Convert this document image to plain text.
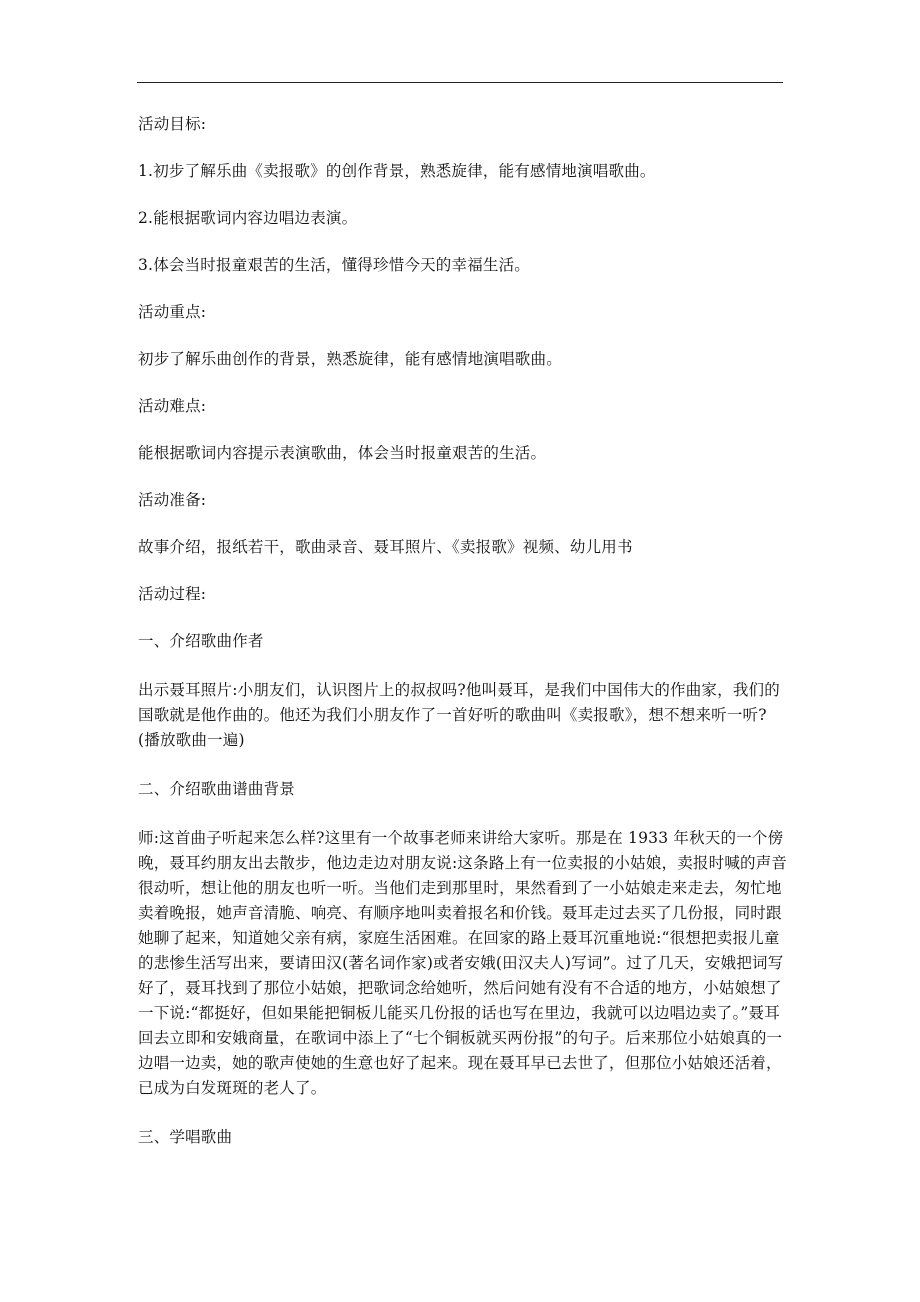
活动目标:

1.初步了解乐曲《卖报歌》的创作背景，熟悉旋律，能有感情地演唱歌曲。

2.能根据歌词内容边唱边表演。

3.体会当时报童艰苦的生活，懂得珍惜今天的幸福生活。

活动重点:

初步了解乐曲创作的背景，熟悉旋律，能有感情地演唱歌曲。

活动难点:

能根据歌词内容提示表演歌曲，体会当时报童艰苦的生活。

活动准备:

故事介绍，报纸若干，歌曲录音、聂耳照片、《卖报歌》视频、幼儿用书

活动过程:

一、介绍歌曲作者

出示聂耳照片:小朋友们，认识图片上的叔叔吗?他叫聂耳，是我们中国伟大的作曲家，我们的国歌就是他作曲的。他还为我们小朋友作了一首好听的歌曲叫《卖报歌》，想不想来听一听?(播放歌曲一遍)

二、介绍歌曲谱曲背景

师:这首曲子听起来怎么样?这里有一个故事老师来讲给大家听。那是在 1933 年秋天的一个傍晚，聂耳约朋友出去散步，他边走边对朋友说:这条路上有一位卖报的小姑娘，卖报时喊的声音很动听，想让他的朋友也听一听。当他们走到那里时，果然看到了一小姑娘走来走去，匆忙地卖着晚报，她声音清脆、响亮、有顺序地叫卖着报名和价钱。聂耳走过去买了几份报，同时跟她聊了起来，知道她父亲有病，家庭生活困难。在回家的路上聂耳沉重地说:“很想把卖报儿童的悲惨生活写出来，要请田汉(著名词作家)或者安娥(田汉夫人)写词”。过了几天，安娥把词写好了，聂耳找到了那位小姑娘，把歌词念给她听，然后问她有没有不合适的地方，小姑娘想了一下说:“都挺好，但如果能把铜板儿能买几份报的话也写在里边，我就可以边唱边卖了。”聂耳回去立即和安娥商量，在歌词中添上了“七个铜板就买两份报”的句子。后来那位小姑娘真的一边唱一边卖，她的歌声使她的生意也好了起来。现在聂耳早已去世了，但那位小姑娘还活着，已成为白发斑斑的老人了。

三、学唱歌曲
